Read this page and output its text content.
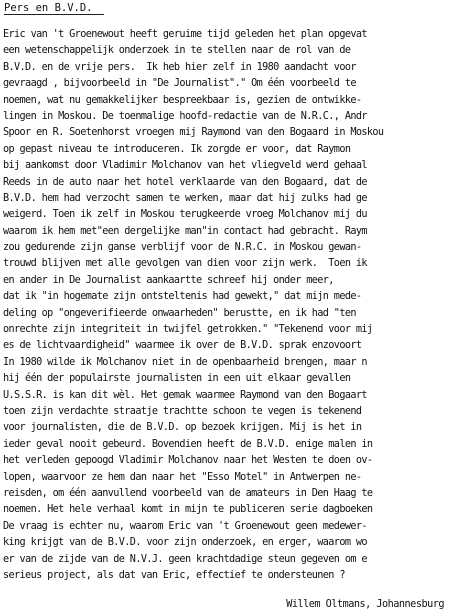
Pers en B.V.D.
Eric van 't Groenewout heeft geruime tijd geleden het plan opgevat
een wetenschappelijk onderzoek in te stellen naar de rol van de
B.V.D. en de vrije pers.  Ik heb hier zelf in 1980 aandacht voor
gevraagd , bijvoorbeeld in "De Journalist"." Om één voorbeeld te
noemen, wat nu gemakkelijker bespreekbaar is, gezien de ontwikke-
lingen in Moskou. De toenmalige hoofd-redactie van de N.R.C., Andr
Spoor en R. Soetenhorst vroegen mij Raymond van den Bogaard in Moskou
op gepast niveau te introduceren. Ik zorgde er voor, dat Raymon
bij aankomst door Vladimir Molchanov van het vliegveld werd gehaal
Reeds in de auto naar het hotel verklaarde van den Bogaard, dat de
B.V.D. hem had verzocht samen te werken, maar dat hij zulks had ge
weigerd. Toen ik zelf in Moskou terugkeerde vroeg Molchanov mij du
waarom ik hem met"een dergelijke man"in contact had gebracht. Raym
zou gedurende zijn ganse verblijf voor de N.R.C. in Moskou gewan-
trouwd blijven met alle gevolgen van dien voor zijn werk.  Toen ik
en ander in De Journalist aankaartte schreef hij onder meer,
dat ik "in hogemate zijn ontsteltenis had gewekt," dat mijn mede-
deling op "ongeverifieerde onwaarheden" berustte, en ik had "ten
onrechte zijn integriteit in twijfel getrokken." "Tekenend voor mij
es de lichtvaardigheid" waarmee ik over de B.V.D. sprak enzovoort
In 1980 wilde ik Molchanov niet in de openbaarheid brengen, maar n
hij één der populairste journalisten in een uit elkaar gevallen
U.S.S.R. is kan dit wèl. Het gemak waarmee Raymond van den Bogaart
toen zijn verdachte straatje trachtte schoon te vegen is tekenend
voor journalisten, die de B.V.D. op bezoek krijgen. Mij is het in
ieder geval nooit gebeurd. Bovendien heeft de B.V.D. enige malen in
het verleden gepoogd Vladimir Molchanov naar het Westen te doen ov-
lopen, waarvoor ze hem dan naar het "Esso Motel" in Antwerpen ne-
reisden, om één aanvullend voorbeeld van de amateurs in Den Haag te
noemen. Het hele verhaal komt in mijn te publiceren serie dagboeken
De vraag is echter nu, waarom Eric van 't Groenewout geen medewer-
king krijgt van de B.V.D. voor zijn onderzoek, en erger, waarom wo
er van de zijde van de N.V.J. geen krachtdadige steun gegeven om e
serieus project, als dat van Eric, effectief te ondersteunen ?
Willem Oltmans, Johannesburg
